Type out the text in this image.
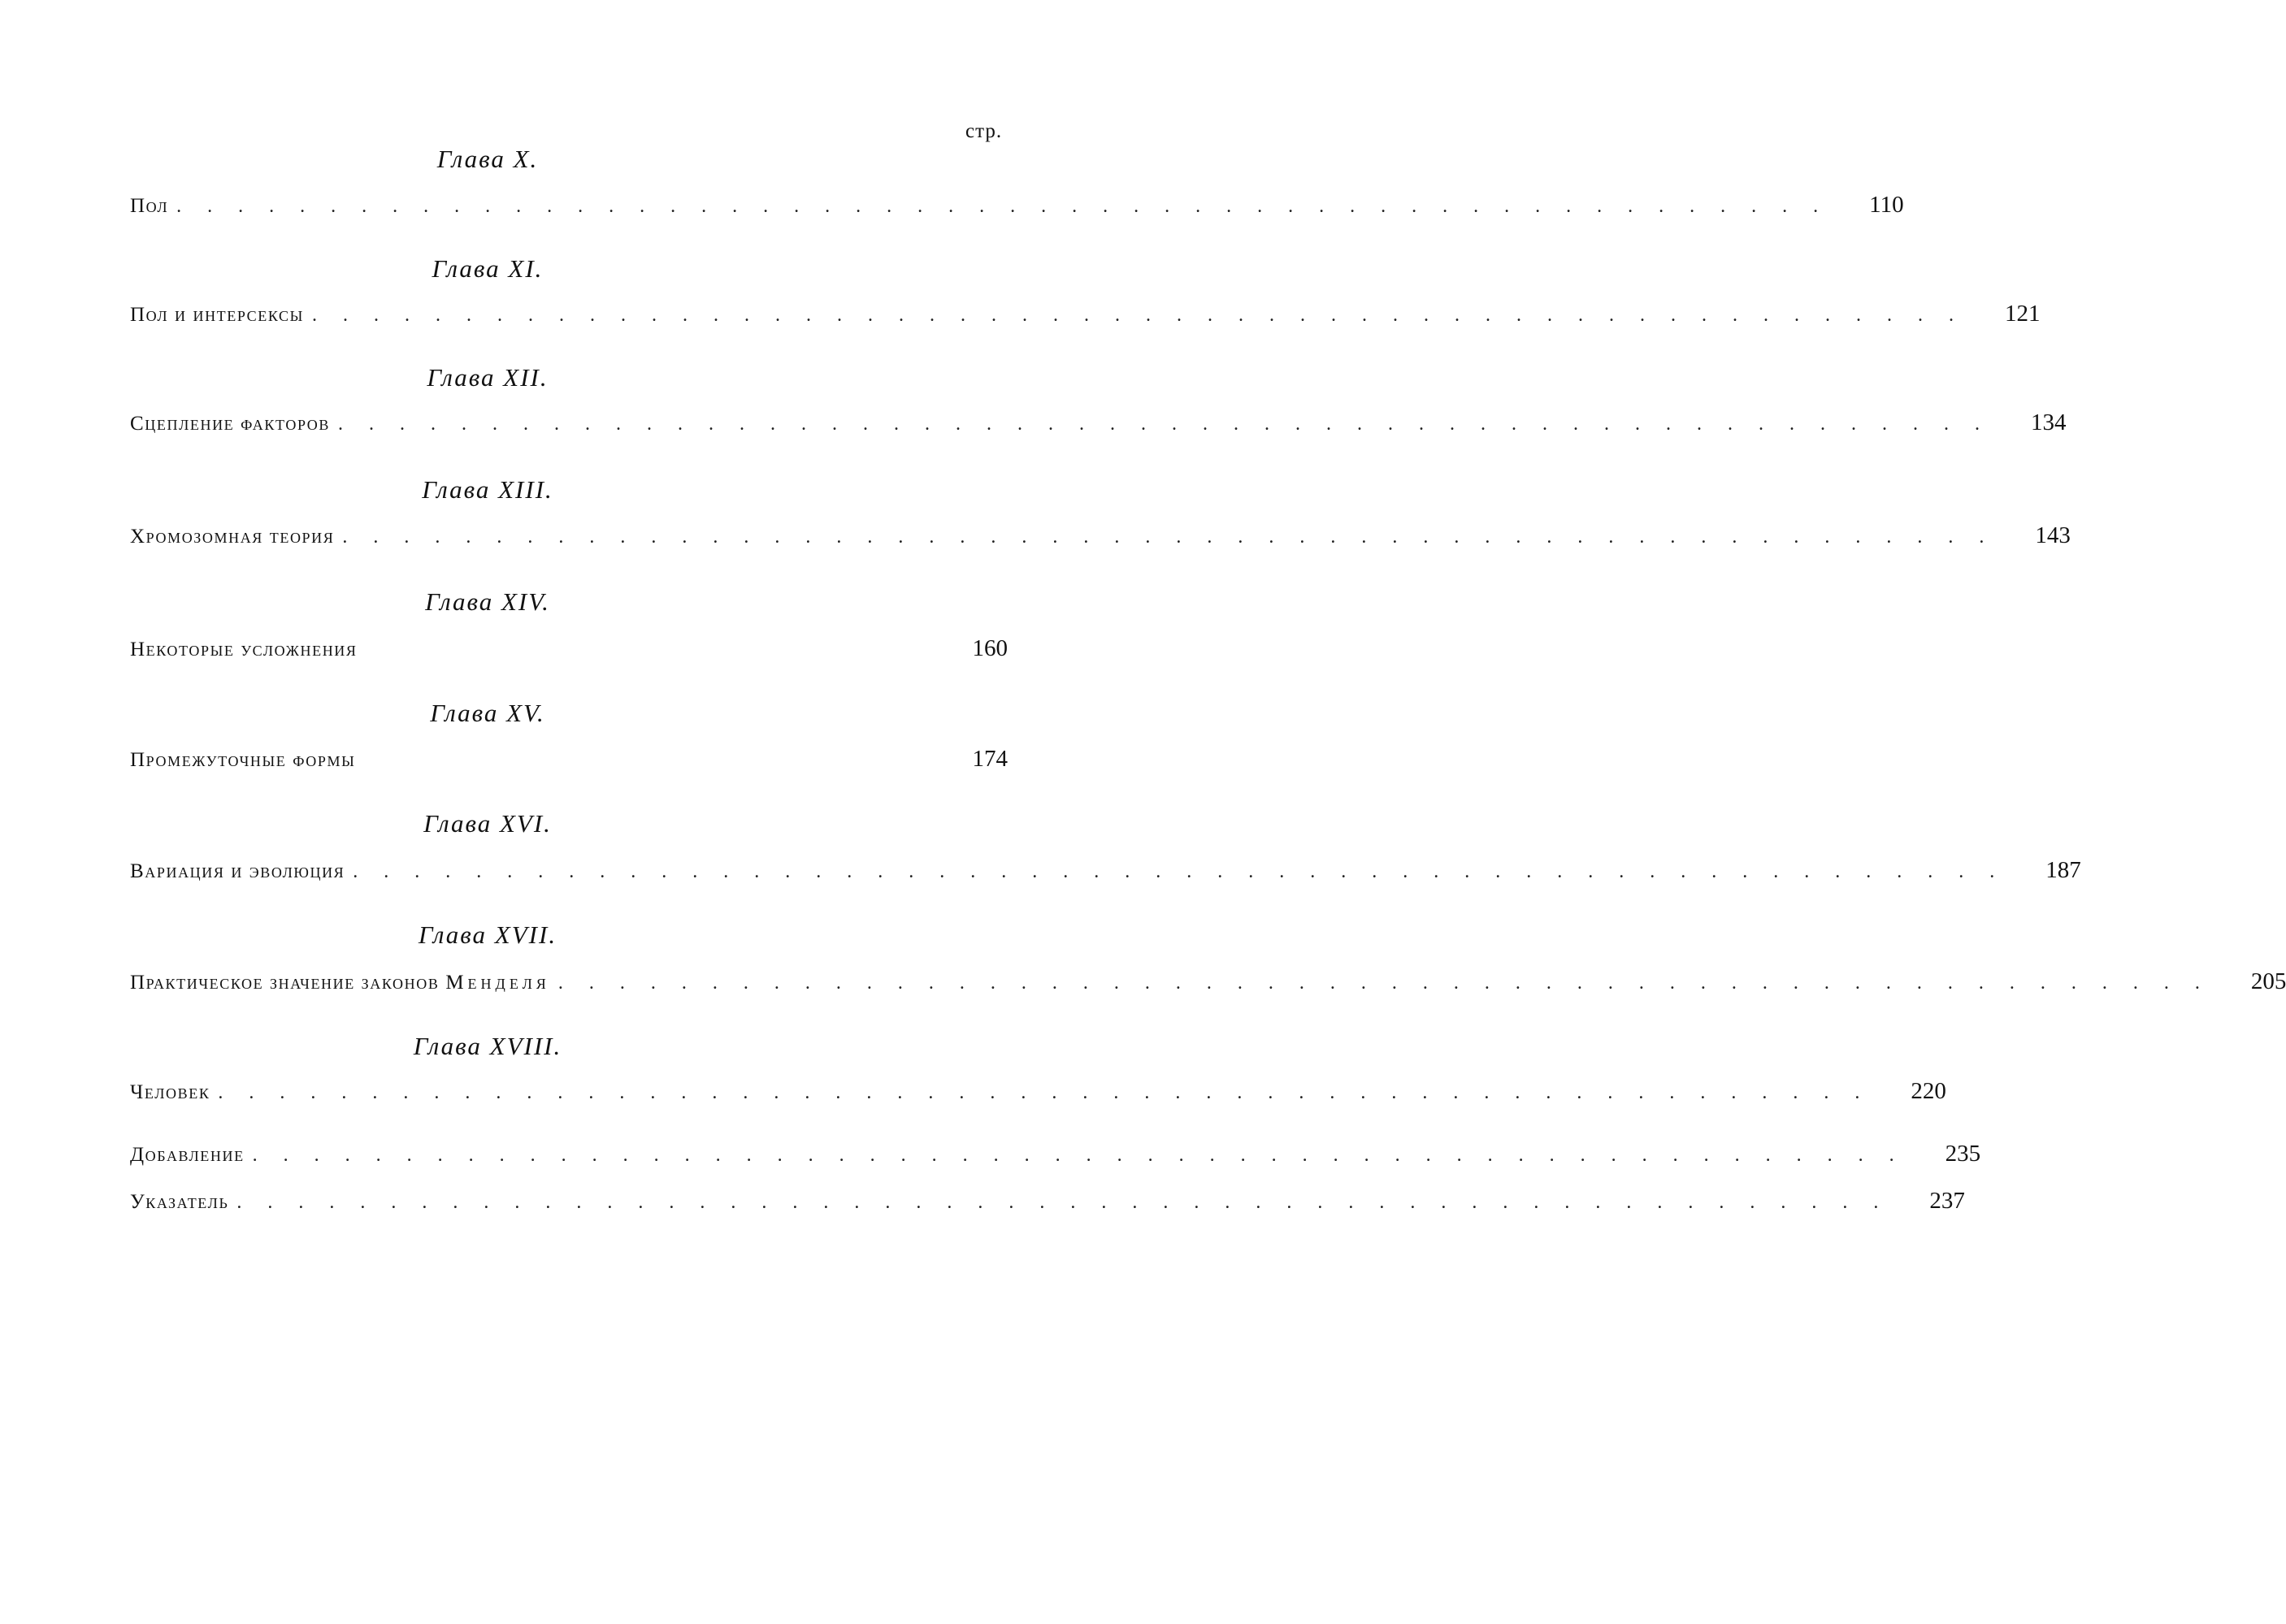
стр.
Глава X.
Пол . . . . . . . . . . . . . . . . . . . . . . . . . . . . . . . . . . . . . . . . . . . . . . . . . . . . . . 110
Глава XI.
Пол и интерсексы . . . . . . . . . . . . . . . . . . . . . . . . . . . . . . . . . . . . . . . . . . . . . . . . . . . . . . 121
Глава XII.
Сцепление факторов . . . . . . . . . . . . . . . . . . . . . . . . . . . . . . . . . . . . . . . . . . . . . . . . . . . . . . 134
Глава XIII.
Хромозомная теория . . . . . . . . . . . . . . . . . . . . . . . . . . . . . . . . . . . . . . . . . . . . . . . . . . . . . . 143
Глава XIV.
Некоторые усложнения	160
Глава XV.
Промежуточные формы	174
Глава XVI.
Вариация и эволюция . . . . . . . . . . . . . . . . . . . . . . . . . . . . . . . . . . . . . . . . . . . . . . . . . . . . . . 187
Глава XVII.
Практическое значение законов Менделя . . . . . . . . . . . . . . . . . . . . . . . . . . . . . . . . . . . . . . . . . . . . . . . . . . . . . . 205
Глава XVIII.
Человек . . . . . . . . . . . . . . . . . . . . . . . . . . . . . . . . . . . . . . . . . . . . . . . . . . . . . . 220
Добавление . . . . . . . . . . . . . . . . . . . . . . . . . . . . . . . . . . . . . . . . . . . . . . . . . . . . . . 235
Указатель . . . . . . . . . . . . . . . . . . . . . . . . . . . . . . . . . . . . . . . . . . . . . . . . . . . . . . 237
